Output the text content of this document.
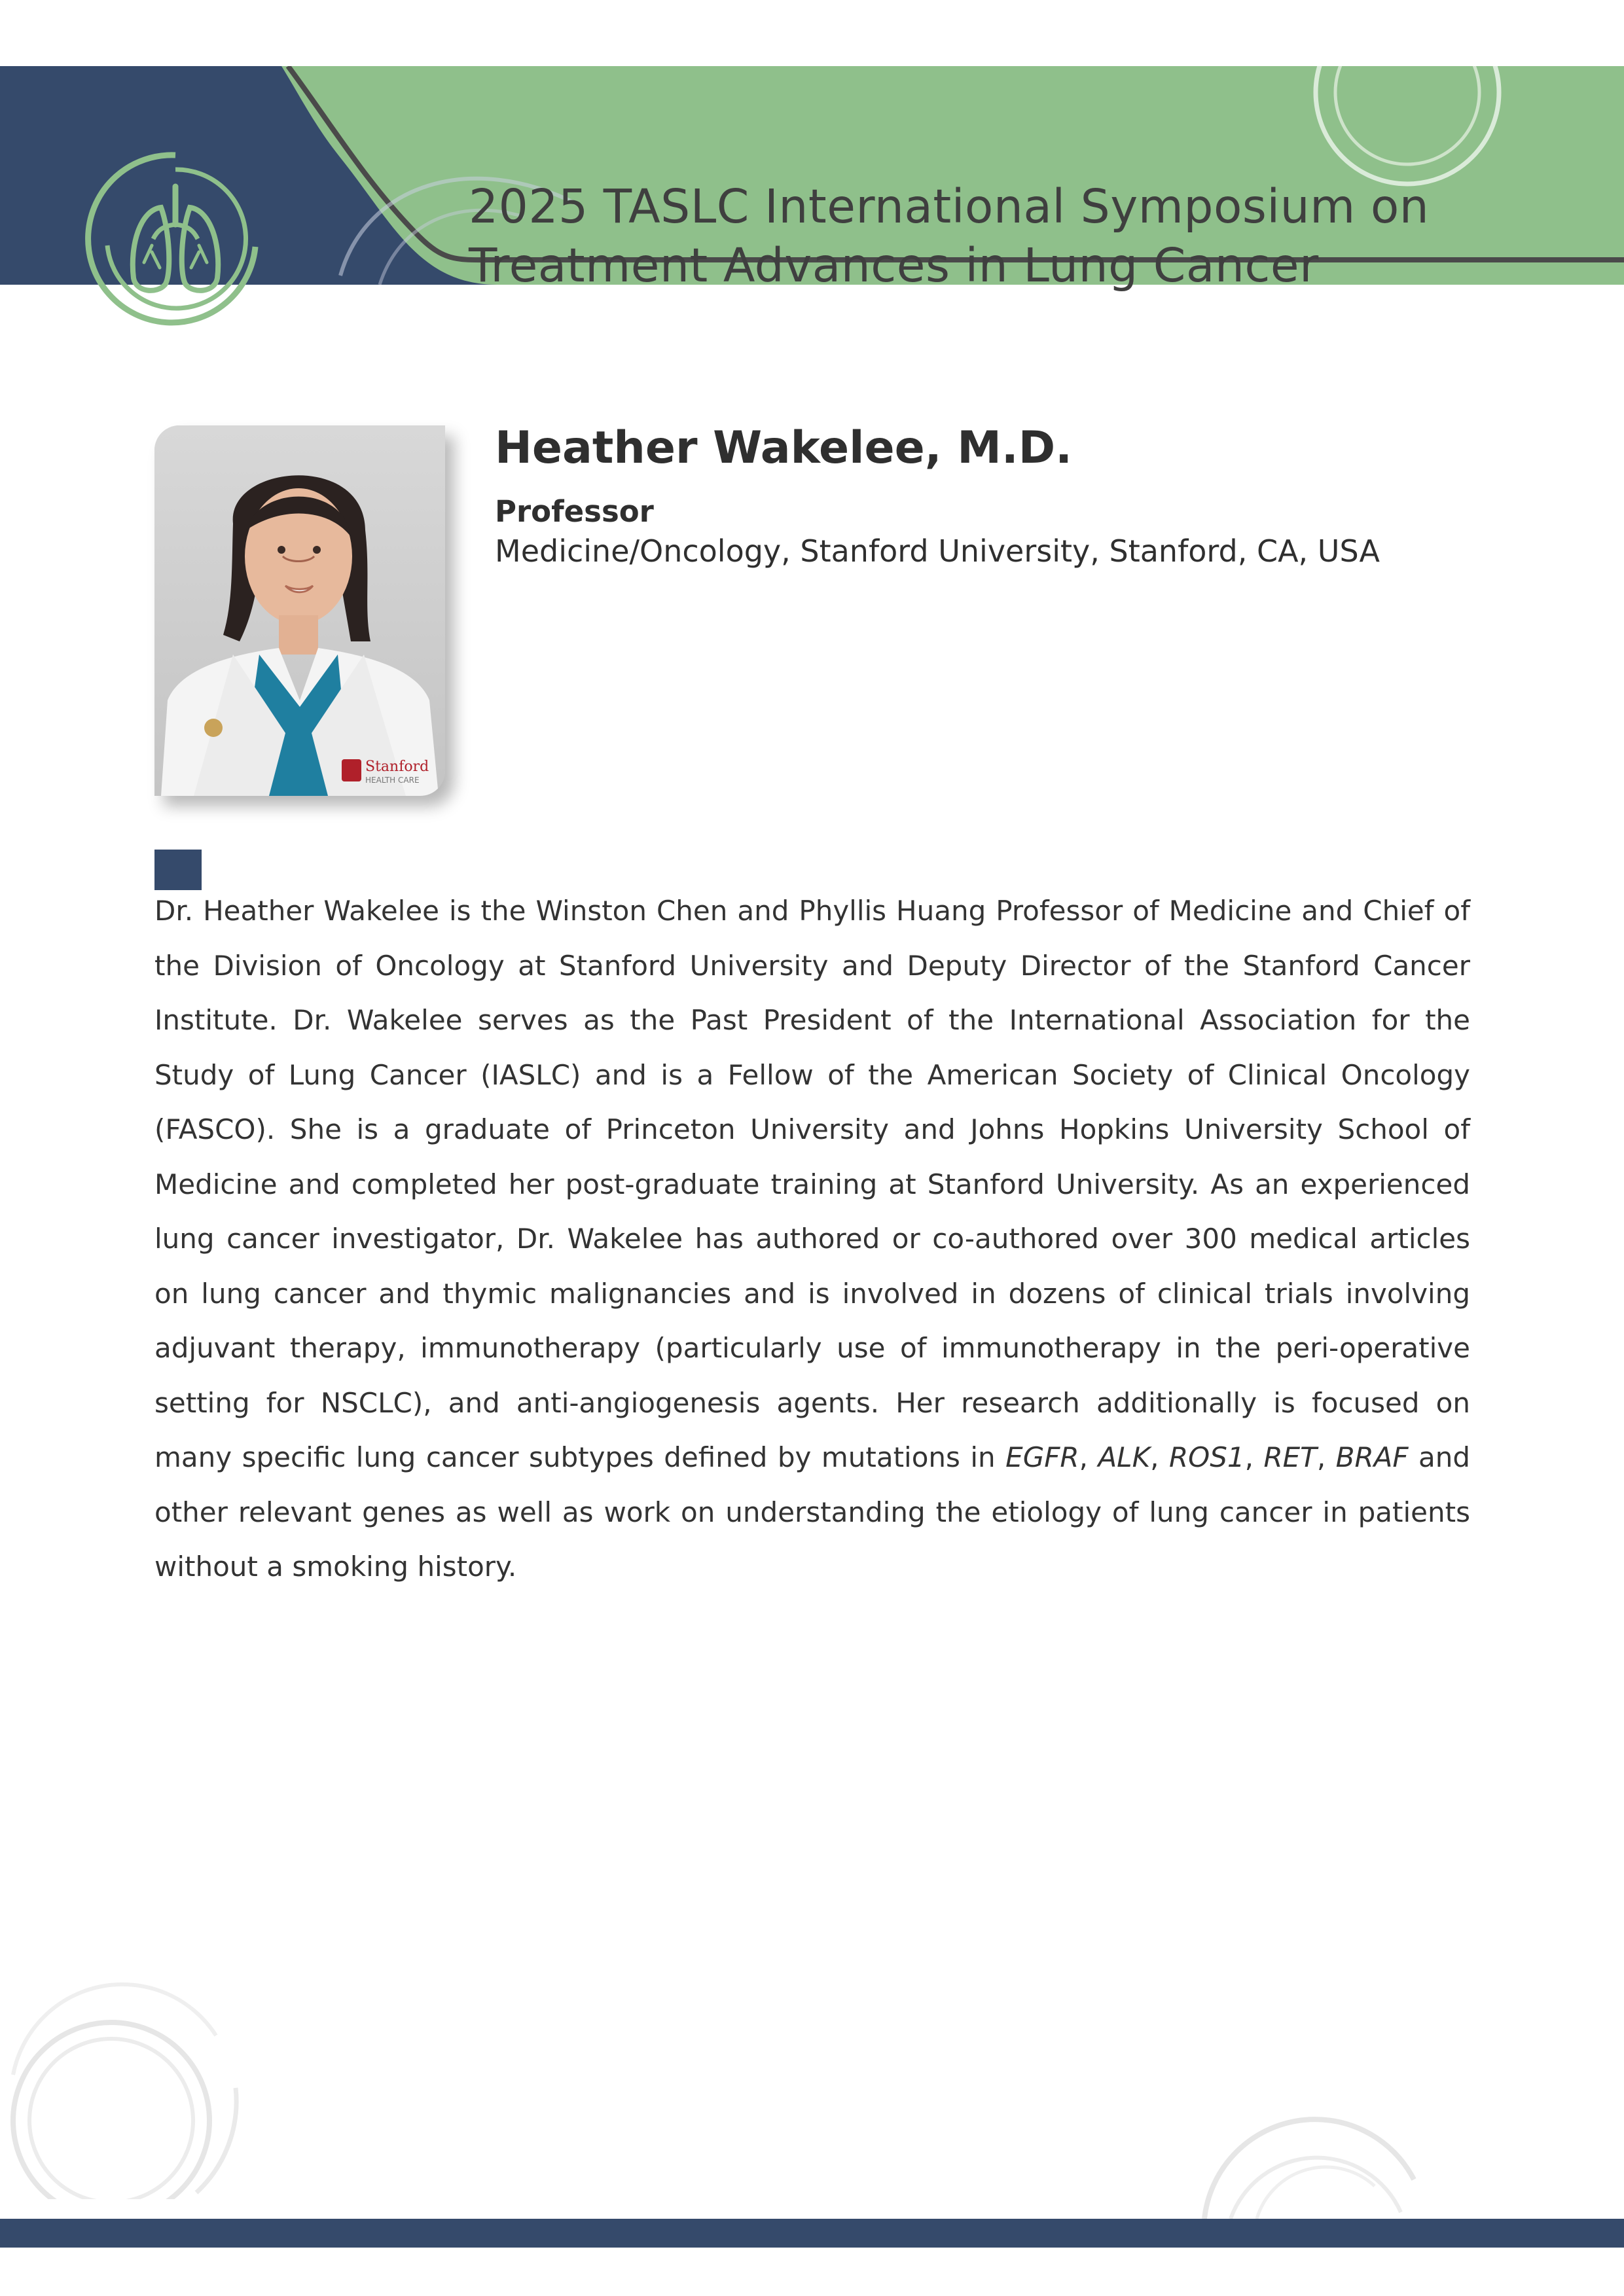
2025 TASLC International Symposium on
Treatment Advances in Lung Cancer
Stanford
HEALTH CARE
Heather Wakelee, M.D.
Professor
Medicine/Oncology, Stanford University, Stanford, CA, USA
Dr. Heather Wakelee is the Winston Chen and Phyllis Huang Professor of Medicine and Chief of the Division of Oncology at Stanford University and Deputy Director of the Stanford Cancer Institute. Dr. Wakelee serves as the Past President of the International Association for the Study of Lung Cancer (IASLC) and is a Fellow of the American Society of Clinical Oncology (FASCO). She is a graduate of Princeton University and Johns Hopkins University School of Medicine and completed her post-graduate training at Stanford University. As an experienced lung cancer investigator, Dr. Wakelee has authored or co-authored over 300 medical articles on lung cancer and thymic malignancies and is involved in dozens of clinical trials involving adjuvant therapy, immunotherapy (particularly use of immunotherapy in the peri-operative setting for NSCLC), and anti-angiogenesis agents. Her research additionally is focused on many specific lung cancer subtypes defined by mutations in EGFR, ALK, ROS1, RET, BRAF and other relevant genes as well as work on understanding the etiology of lung cancer in patients without a smoking history.
